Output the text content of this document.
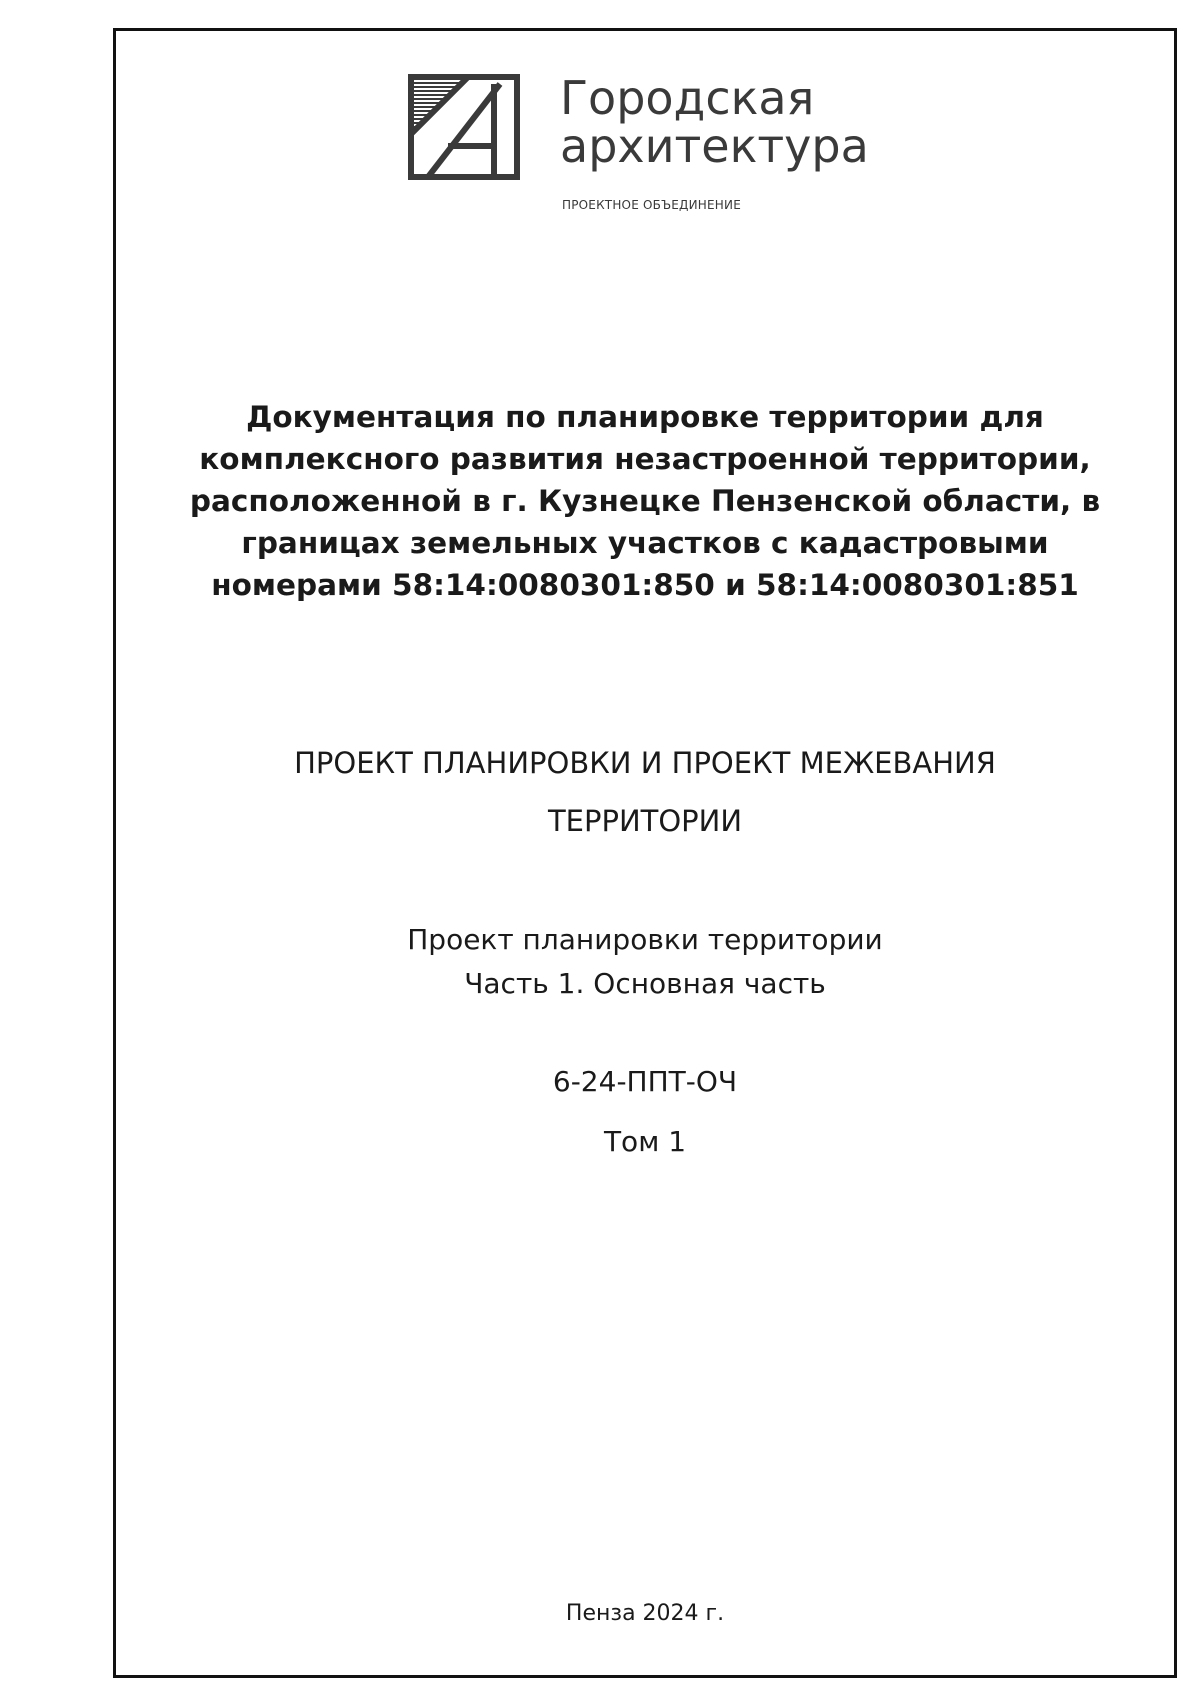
Городская
архитектура
ПРОЕКТНОЕ ОБЪЕДИНЕНИЕ
Документация по планировке территории для
комплексного развития незастроенной территории,
расположенной в г. Кузнецке Пензенской области, в
границах земельных участков с кадастровыми
номерами 58:14:0080301:850 и 58:14:0080301:851
ПРОЕКТ ПЛАНИРОВКИ И ПРОЕКТ МЕЖЕВАНИЯ
ТЕРРИТОРИИ
Проект планировки территории
Часть 1. Основная часть
6-24-ППТ-ОЧ
Том 1
Пенза 2024 г.
